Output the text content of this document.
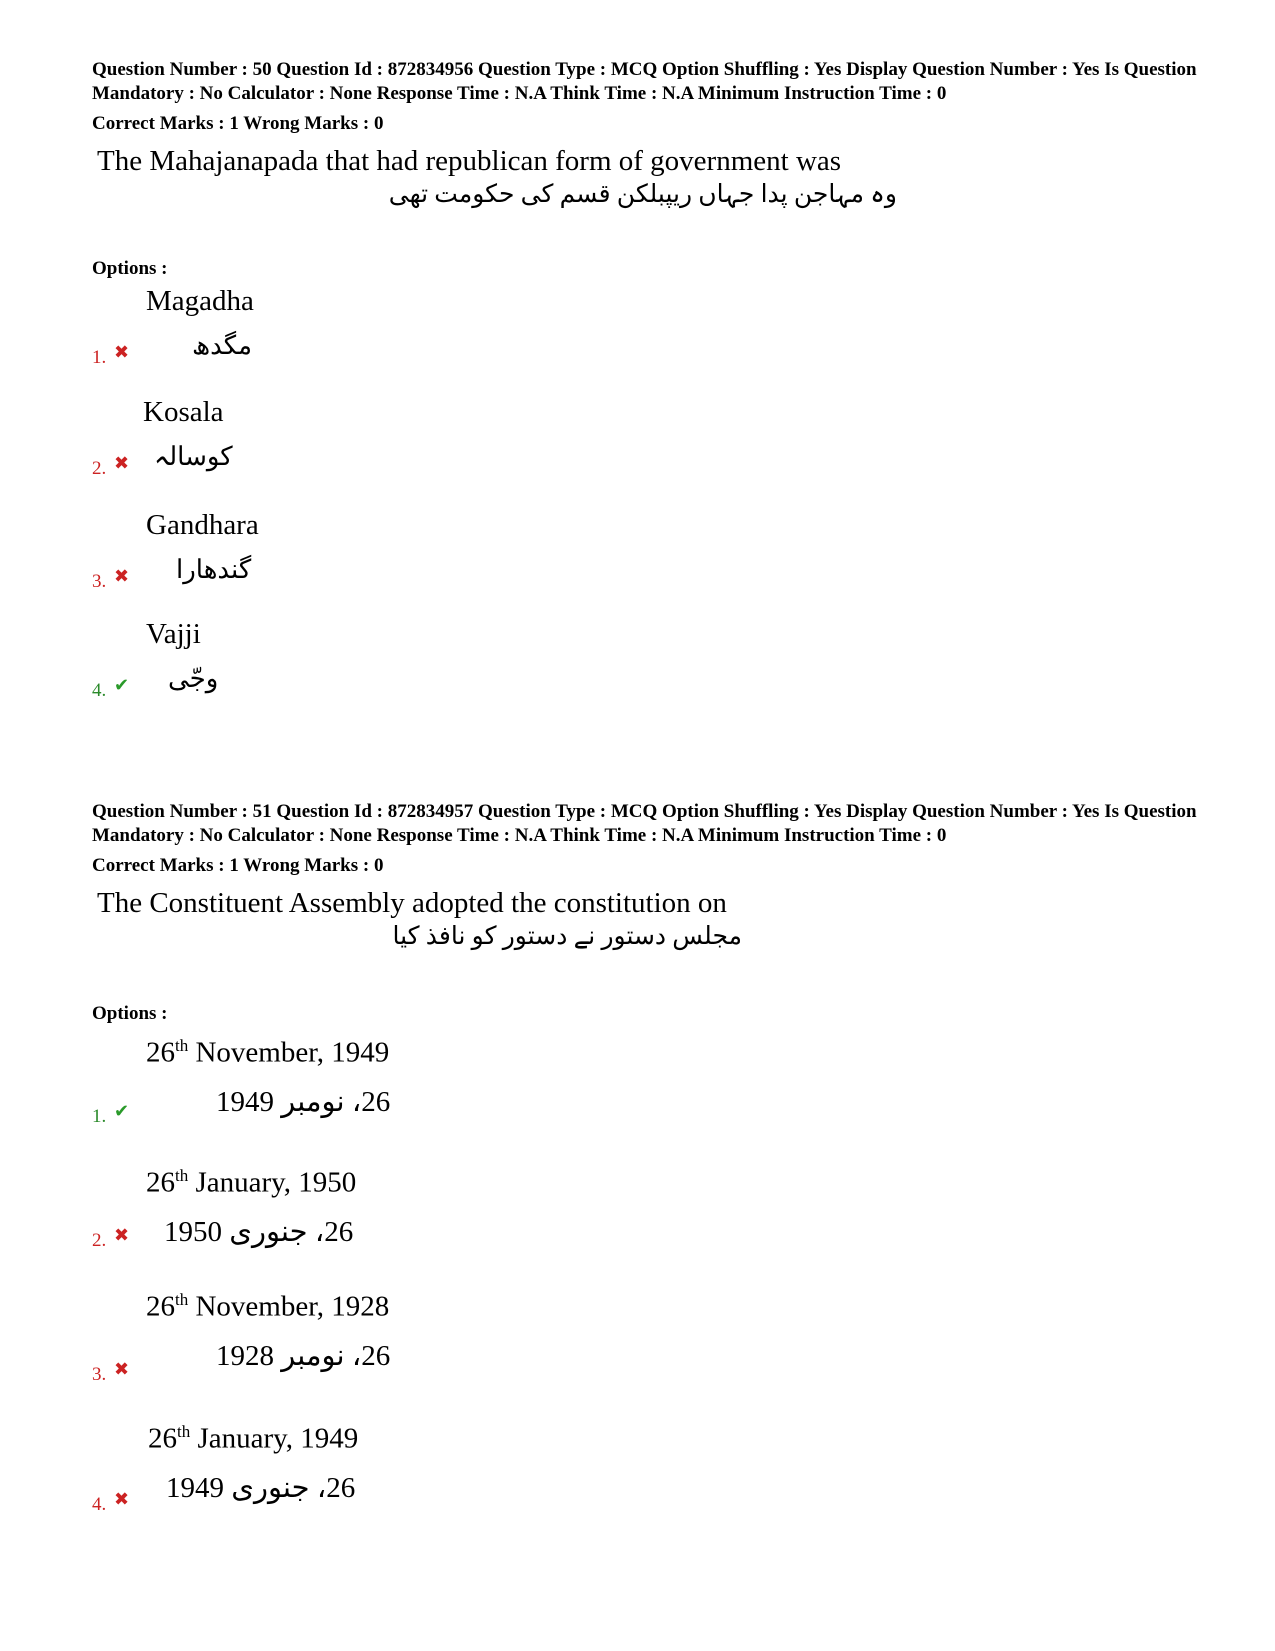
Question Number : 50 Question Id : 872834956 Question Type : MCQ Option Shuffling : Yes Display Question Number : Yes Is Question Mandatory : No Calculator : None Response Time : N.A Think Time : N.A Minimum Instruction Time : 0

Correct Marks : 1 Wrong Marks : 0
The Mahajanapada that had republican form of government was
وہ مہاجن پدا جہاں ریپبلکن قسم کی حکومت تھی
Options :
Magadha
مگدھ
1. ✖
Kosala
کوسالہ
2. ✖
Gandhara
گندھارا
3. ✖
Vajji
وجّی
4. ✔

Question Number : 51 Question Id : 872834957 Question Type : MCQ Option Shuffling : Yes Display Question Number : Yes Is Question Mandatory : No Calculator : None Response Time : N.A Think Time : N.A Minimum Instruction Time : 0

Correct Marks : 1 Wrong Marks : 0
The Constituent Assembly adopted the constitution on
مجلس دستور نے دستور کو نافذ کیا
Options :
26th November, 1949
26، نومبر 1949
1. ✔
26th January, 1950
26، جنوری 1950
2. ✖
26th November, 1928
26، نومبر 1928
3. ✖
26th January, 1949
26، جنوری 1949
4. ✖
